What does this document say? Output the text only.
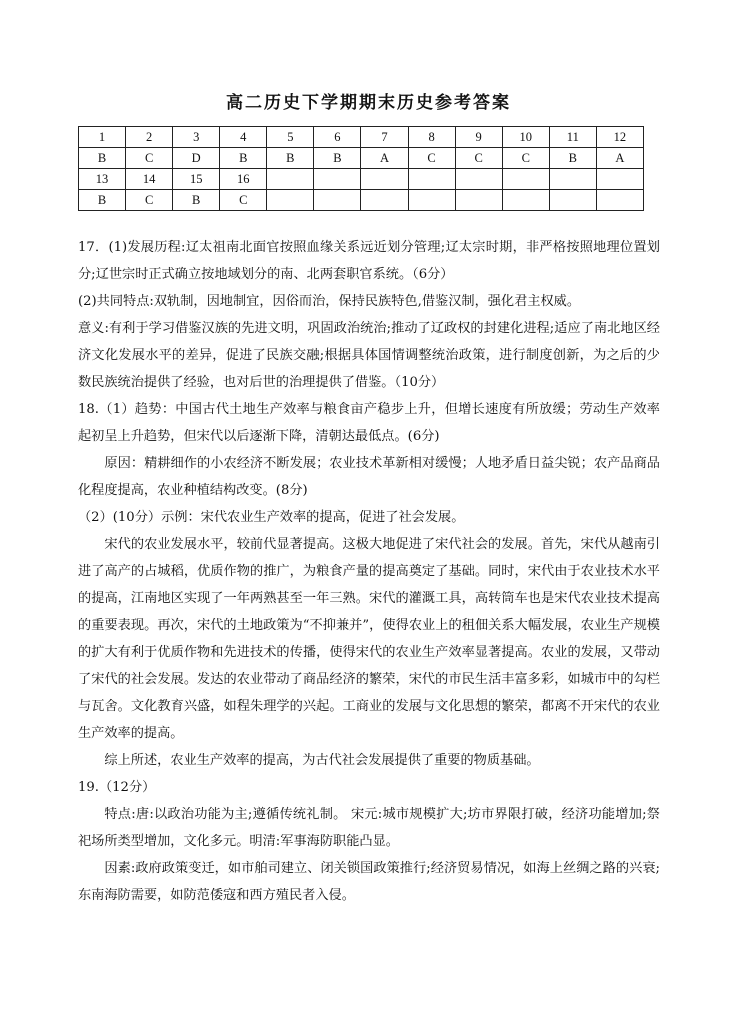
高二历史下学期期末历史参考答案
1	2	3	4	5	6	7	8	9	10	11	12
B	C	D	B	B	B	A	C	C	C	B	A
13	14	15	16								
B	C	B	C								

17．(1)发展历程:辽太祖南北面官按照血缘关系远近划分管理;辽太宗时期，非严格按照地理位置划分;辽世宗时正式确立按地域划分的南、北两套职官系统。（6分）

(2)共同特点:双轨制，因地制宜，因俗而治，保持民族特色,借鉴汉制，强化君主权威。

意义:有利于学习借鉴汉族的先进文明，巩固政治统治;推动了辽政权的封建化进程;适应了南北地区经济文化发展水平的差异，促进了民族交融;根据具体国情调整统治政策，进行制度创新，为之后的少数民族统治提供了经验，也对后世的治理提供了借鉴。（10分）

18.（1）趋势：中国古代土地生产效率与粮食亩产稳步上升，但增长速度有所放缓；劳动生产效率起初呈上升趋势，但宋代以后逐渐下降，清朝达最低点。(6分)

原因：精耕细作的小农经济不断发展；农业技术革新相对缓慢；人地矛盾日益尖锐；农产品商品化程度提高，农业种植结构改变。(8分)

（2）(10分）示例：宋代农业生产效率的提高，促进了社会发展。

宋代的农业发展水平，较前代显著提高。这极大地促进了宋代社会的发展。首先，宋代从越南引进了高产的占城稻，优质作物的推广，为粮食产量的提高奠定了基础。同时，宋代由于农业技术水平的提高，江南地区实现了一年两熟甚至一年三熟。宋代的灌溉工具，高转筒车也是宋代农业技术提高的重要表现。再次，宋代的土地政策为“不抑兼并”，使得农业上的租佃关系大幅发展，农业生产规模的扩大有利于优质作物和先进技术的传播，使得宋代的农业生产效率显著提高。农业的发展，又带动了宋代的社会发展。发达的农业带动了商品经济的繁荣，宋代的市民生活丰富多彩，如城市中的勾栏与瓦舍。文化教育兴盛，如程朱理学的兴起。工商业的发展与文化思想的繁荣，都离不开宋代的农业生产效率的提高。

综上所述，农业生产效率的提高，为古代社会发展提供了重要的物质基础。

19.（12分）

特点:唐:以政治功能为主;遵循传统礼制。 宋元:城市规模扩大;坊市界限打破，经济功能增加;祭祀场所类型增加，文化多元。明清:军事海防职能凸显。

因素:政府政策变迁，如市舶司建立、闭关锁国政策推行;经济贸易情况，如海上丝绸之路的兴衰;东南海防需要，如防范倭寇和西方殖民者入侵。
